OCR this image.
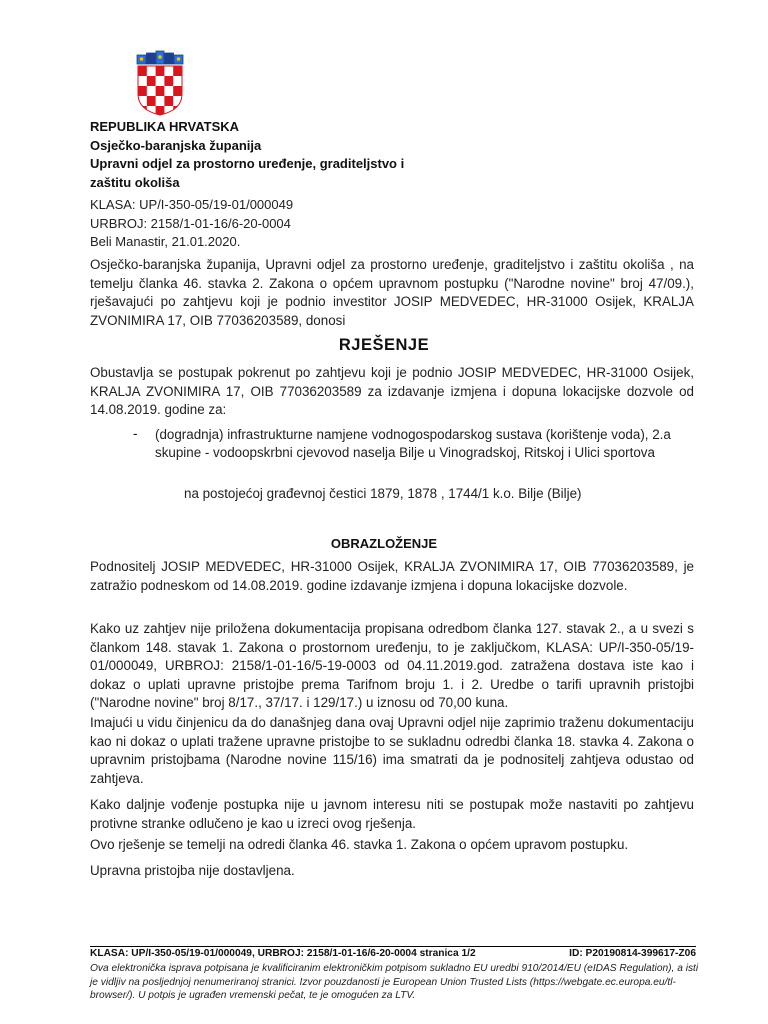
REPUBLIKA HRVATSKA
Osječko-baranjska županija
Upravni odjel za prostorno uređenje, graditeljstvo i
zaštitu okoliša
KLASA: UP/I-350-05/19-01/000049
URBROJ: 2158/1-01-16/6-20-0004
Beli Manastir, 21.01.2020.
Osječko-baranjska županija, Upravni odjel za prostorno uređenje, graditeljstvo i zaštitu okoliša , na temelju članka 46. stavka 2. Zakona o općem upravnom postupku ("Narodne novine" broj 47/09.), rješavajući po zahtjevu koji je podnio investitor JOSIP MEDVEDEC, HR-31000 Osijek, KRALJA ZVONIMIRA 17, OIB 77036203589, donosi
RJEŠENJE
Obustavlja se postupak pokrenut po zahtjevu koji je podnio JOSIP MEDVEDEC, HR-31000 Osijek, KRALJA ZVONIMIRA 17, OIB 77036203589 za izdavanje izmjena i dopuna lokacijske dozvole od 14.08.2019. godine za:
- (dogradnja) infrastrukturne namjene vodnogospodarskog sustava (korištenje voda), 2.a skupine - vodoopskrbni cjevovod naselja Bilje u Vinogradskoj, Ritskoj i Ulici sportova
na postojećoj građevnoj čestici 1879, 1878 , 1744/1 k.o. Bilje (Bilje)
OBRAZLOŽENJE
Podnositelj JOSIP MEDVEDEC, HR-31000 Osijek, KRALJA ZVONIMIRA 17, OIB 77036203589, je zatražio podneskom od 14.08.2019. godine izdavanje izmjena i dopuna lokacijske dozvole.
Kako uz zahtjev nije priložena dokumentacija propisana odredbom članka 127. stavak 2., a u svezi s člankom 148. stavak 1. Zakona o prostornom uređenju, to je zaključkom, KLASA: UP/I-350-05/19-01/000049, URBROJ: 2158/1-01-16/5-19-0003 od 04.11.2019.god. zatražena dostava iste kao i dokaz o uplati upravne pristojbe prema Tarifnom broju 1. i 2. Uredbe o tarifi upravnih pristojbi ("Narodne novine" broj 8/17., 37/17. i 129/17.) u iznosu od 70,00 kuna.
Imajući u vidu činjenicu da do današnjeg dana ovaj Upravni odjel nije zaprimio traženu dokumentaciju kao ni dokaz o uplati tražene upravne pristojbe to se sukladnu odredbi članka 18. stavka 4. Zakona o upravnim pristojbama (Narodne novine 115/16) ima smatrati da je podnositelj zahtjeva odustao od zahtjeva.
Kako daljnje vođenje postupka nije u javnom interesu niti se postupak može nastaviti po zahtjevu protivne stranke odlučeno je kao u izreci ovog rješenja.
Ovo rješenje se temelji na odredi članka 46. stavka 1. Zakona o općem upravom postupku.
Upravna pristojba nije dostavljena.
KLASA: UP/I-350-05/19-01/000049, URBROJ: 2158/1-01-16/6-20-0004 stranica 1/2	ID: P20190814-399617-Z06
Ova elektronička isprava potpisana je kvalificiranim elektroničkim potpisom sukladno EU uredbi 910/2014/EU (eIDAS Regulation), a isti je vidljiv na posljednjoj nenumeriranoj stranici. Izvor pouzdanosti je European Union Trusted Lists (https://webgate.ec.europa.eu/tl-browser/). U potpis je ugrađen vremenski pečat, te je omogućen za LTV.
